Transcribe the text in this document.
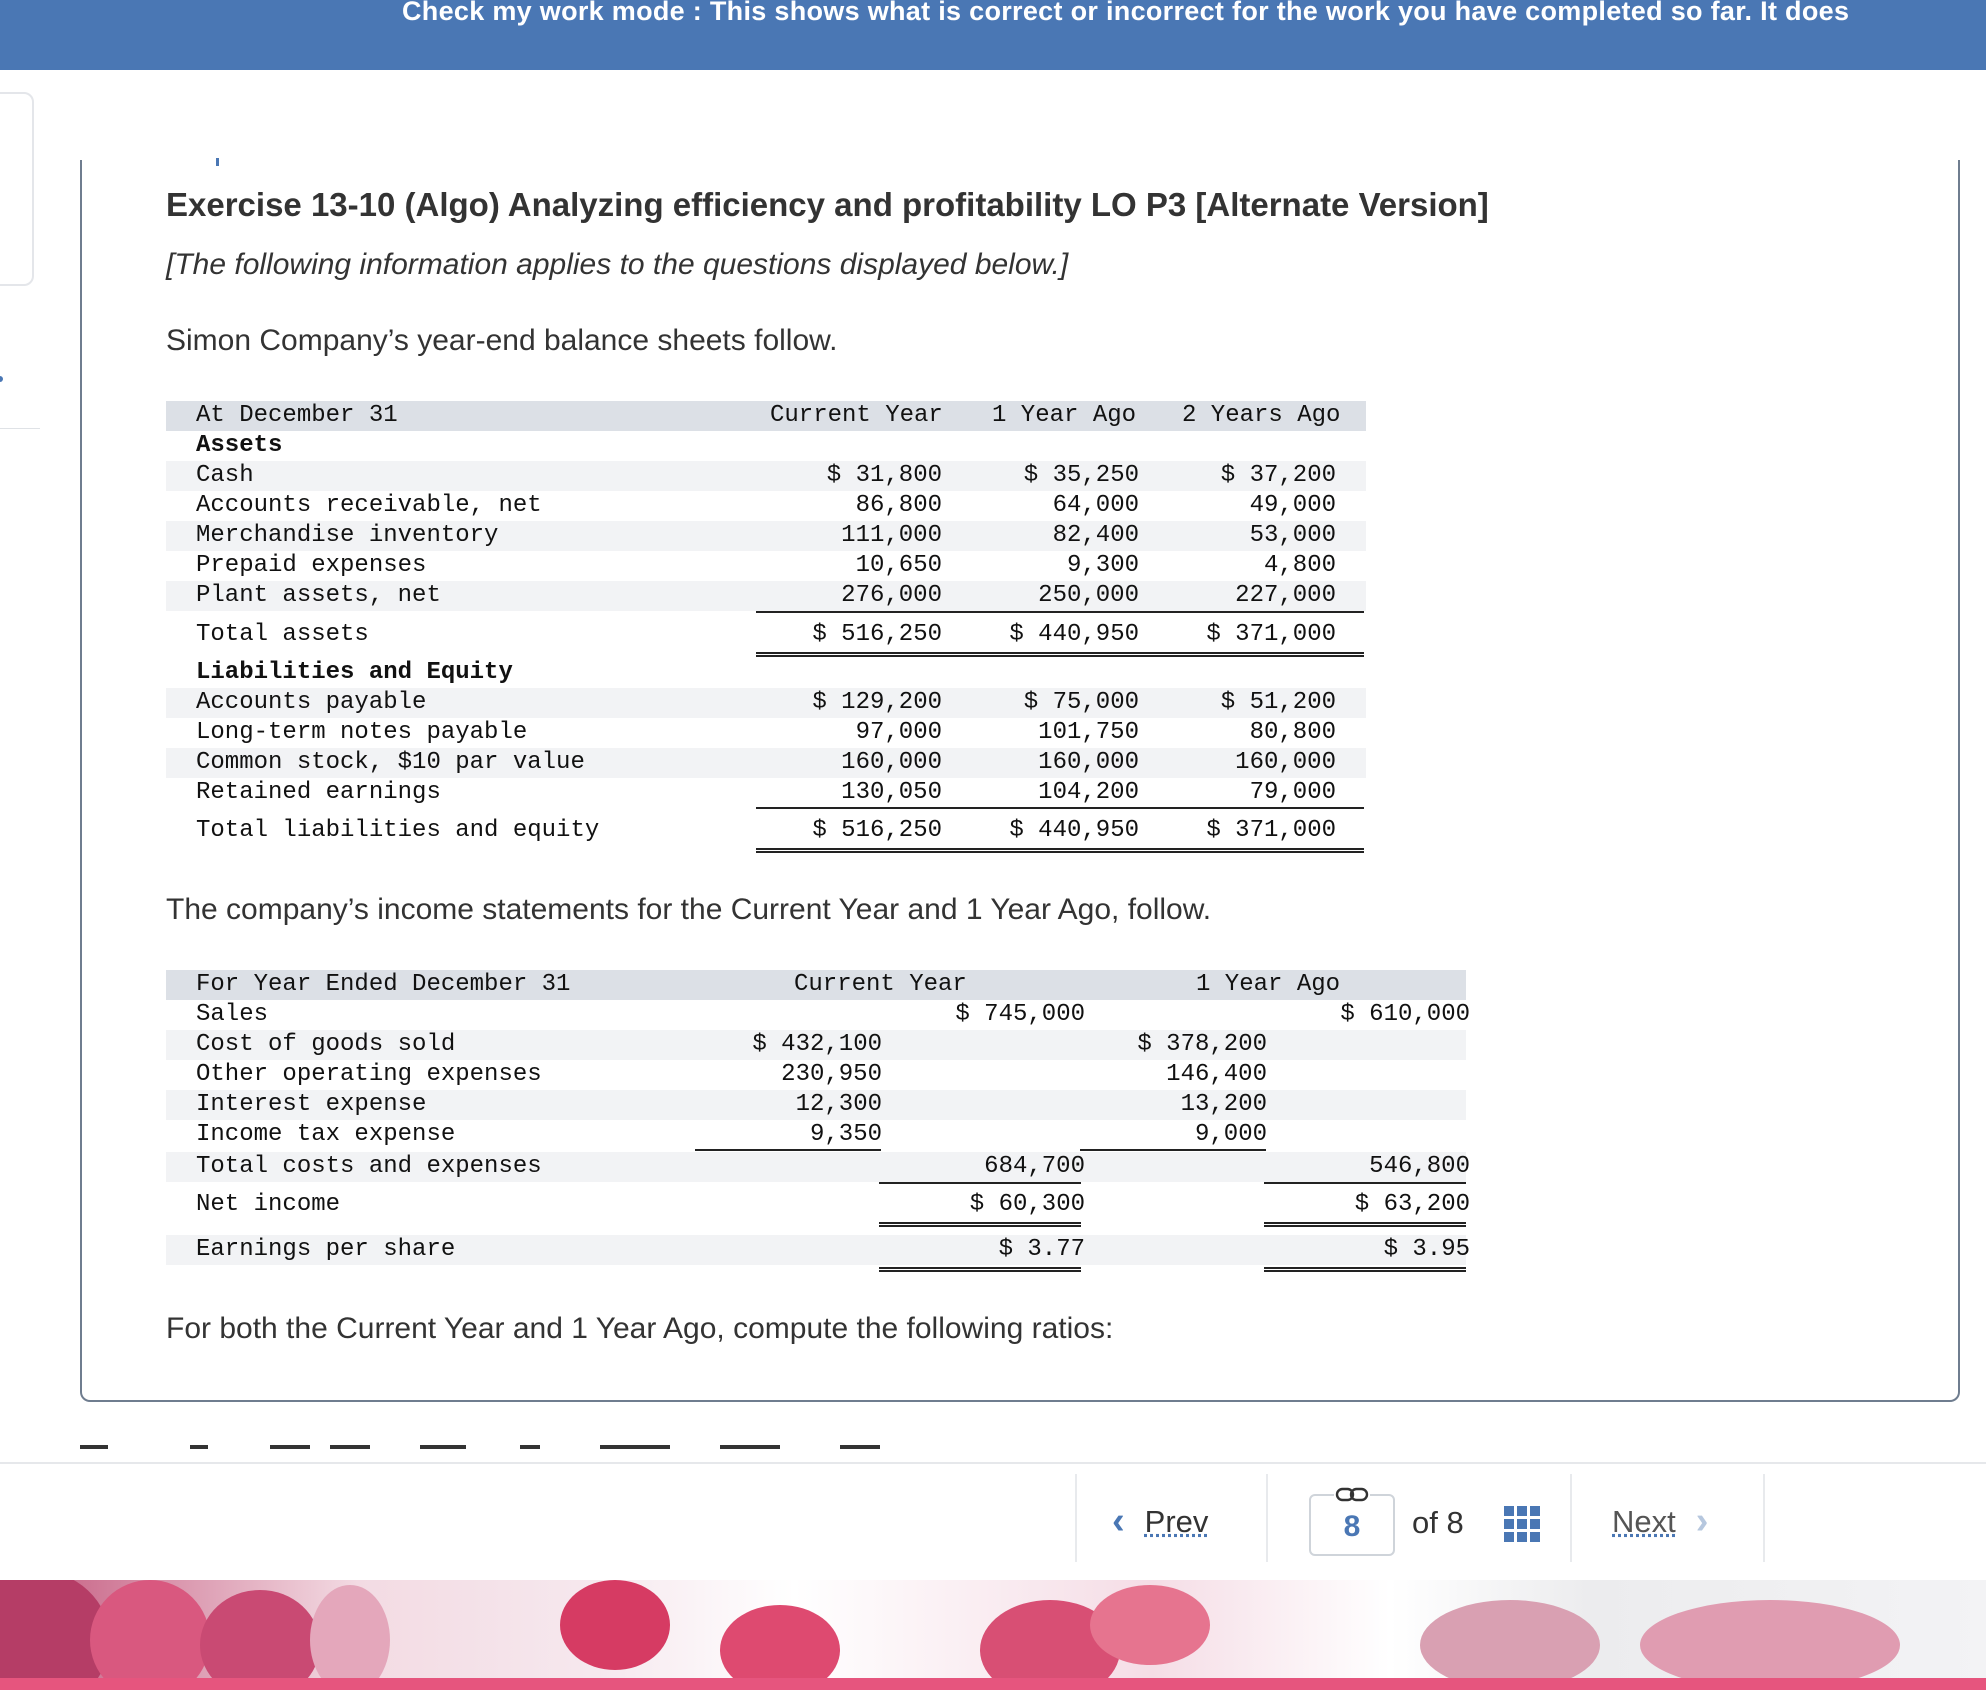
Check my work mode : This shows what is correct or incorrect for the work you have completed so far. It does
Exercise 13-10 (Algo) Analyzing efficiency and profitability LO P3 [Alternate Version]
[The following information applies to the questions displayed below.]
Simon Company’s year-end balance sheets follow.
At December 31	Current Year 1 Year Ago 2 Years Ago
Assets
Cash	$ 31,800	$ 35,250	$ 37,200
Accounts receivable, net	86,800	64,000	49,000
Merchandise inventory	111,000	82,400	53,000
Prepaid expenses	10,650	9,300	4,800
Plant assets, net	276,000	250,000	227,000
Total assets	$ 516,250	$ 440,950	$ 371,000
Liabilities and Equity
Accounts payable	$ 129,200	$ 75,000	$ 51,200
Long-term notes payable	97,000	101,750	80,800
Common stock, $10 par value	160,000	160,000	160,000
Retained earnings	130,050	104,200	79,000
Total liabilities and equity	$ 516,250	$ 440,950	$ 371,000
The company’s income statements for the Current Year and 1 Year Ago, follow.
For Year Ended December 31	Current Year	1 Year Ago
Sales	$ 745,000	$ 610,000
Cost of goods sold	$ 432,100	$ 378,200
Other operating expenses	230,950	146,400
Interest expense	12,300	13,200
Income tax expense	9,350	9,000
Total costs and expenses	684,700	546,800
Net income	$ 60,300	$ 63,200
Earnings per share	$ 3.77	$ 3.95
For both the Current Year and 1 Year Ago, compute the following ratios:
‹ Prev	8	of 8	Next ›
